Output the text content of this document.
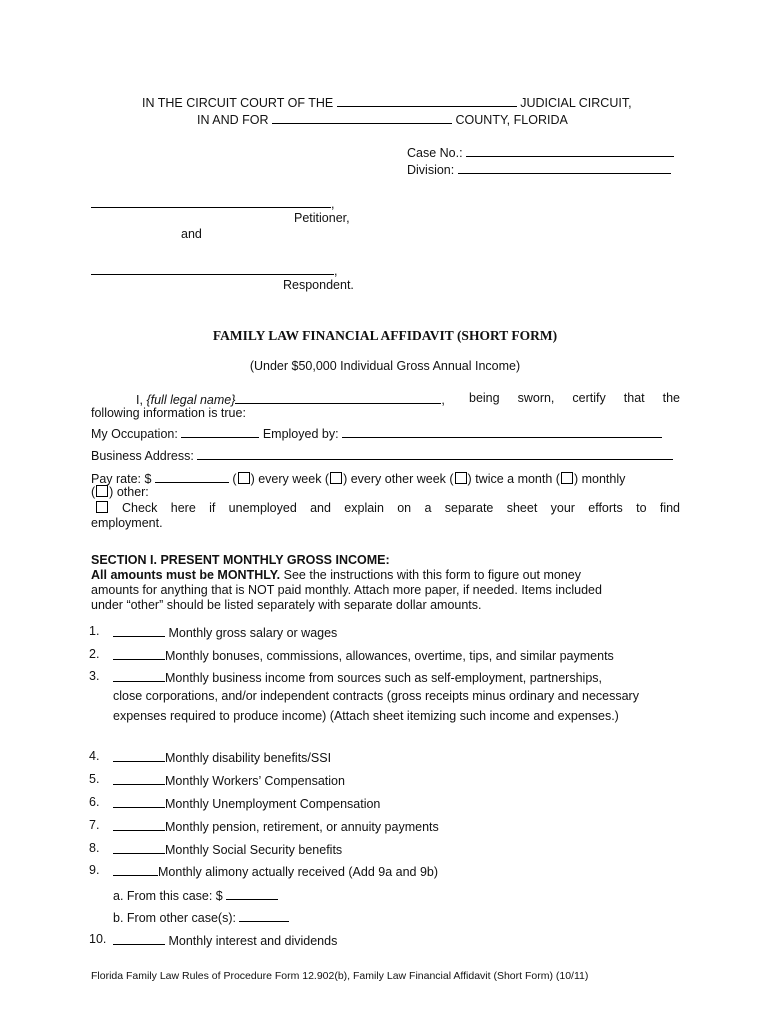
IN THE CIRCUIT COURT OF THE	JUDICIAL CIRCUIT,
IN AND FOR	COUNTY, FLORIDA
Case No.:
Division:
,
Petitioner,
and
,
Respondent.
FAMILY LAW FINANCIAL AFFIDAVIT (SHORT FORM)
(Under $50,000 Individual Gross Annual Income)
I, {full legal name}	, being sworn, certify that the
following information is true:
My Occupation:	Employed by:
Business Address:
Pay rate: $	( ) every week ( ) every other week ( ) twice a month ( ) monthly
( ) other:
Check here if unemployed and explain on a separate sheet your efforts to find
employment.
SECTION I. PRESENT MONTHLY GROSS INCOME:
All amounts must be MONTHLY. See the instructions with this form to figure out money
amounts for anything that is NOT paid monthly. Attach more paper, if needed. Items included
under “other” should be listed separately with separate dollar amounts.
1.	Monthly gross salary or wages
2.	Monthly bonuses, commissions, allowances, overtime, tips, and similar payments
3.	Monthly business income from sources such as self-employment, partnerships,
close corporations, and/or independent contracts (gross receipts minus ordinary and necessary expenses required to produce income) (Attach sheet itemizing such income and expenses.)
4.	Monthly disability benefits/SSI
5.	Monthly Workers’ Compensation
6.	Monthly Unemployment Compensation
7.	Monthly pension, retirement, or annuity payments
8.	Monthly Social Security benefits
9.	Monthly alimony actually received (Add 9a and 9b)
a. From this case: $
b. From other case(s):
10.	Monthly interest and dividends
Florida Family Law Rules of Procedure Form 12.902(b), Family Law Financial Affidavit (Short Form) (10/11)
